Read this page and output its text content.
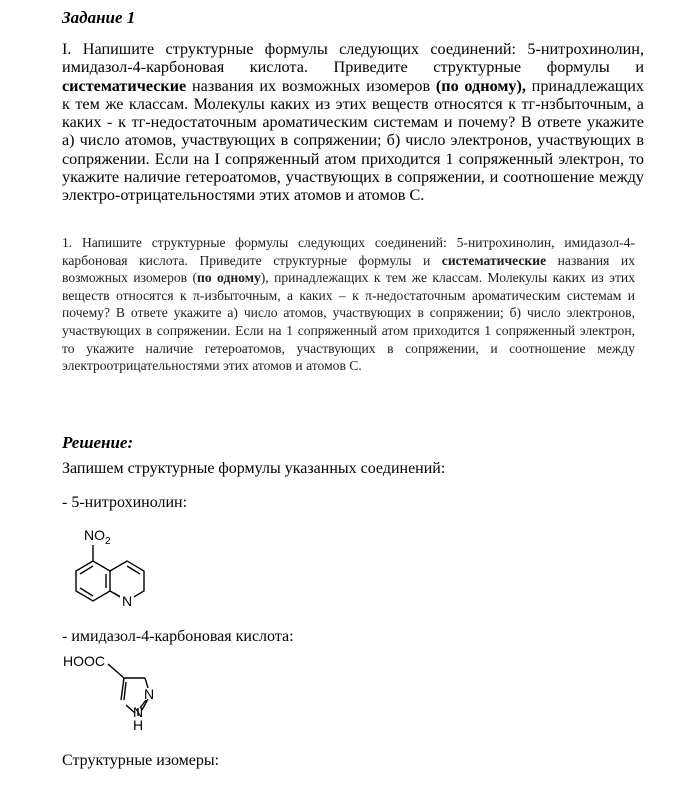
Задание 1
I. Напишите структурные формулы следующих соединений: 5-нитрохинолин, имидазол-4-карбоновая кислота. Приведите структурные формулы и систематические названия их возможных изомеров (по одному), принадлежащих к тем же классам. Молекулы каких из этих веществ относятся к тг-нзбыточным, а каких - к тг-недостаточным ароматическим системам и почему? В ответе укажите а) число атомов, участвующих в сопряжении; б) число электронов, участвующих в сопряжении. Если на I сопряженный атом приходится 1 сопряженный электрон, то укажите наличие гетероатомов, участвующих в сопряжении, и соотношение между электро-отрицательностями этих атомов и атомов С.
1. Напишите структурные формулы следующих соединений: 5-нитрохинолин, имидазол-4-карбоновая кислота. Приведите структурные формулы и систематические названия их возможных изомеров (по одному), принадлежащих к тем же классам. Молекулы каких из этих веществ относятся к π-избыточным, а каких – к π-недостаточным ароматическим системам и почему? В ответе укажите а) число атомов, участвующих в сопряжении; б) число электронов, участвующих в сопряжении. Если на 1 сопряженный атом приходится 1 сопряженный электрон, то укажите наличие гетероатомов, участвующих в сопряжении, и соотношение между электроотрицательностями этих атомов и атомов С.
Решение:
Запишем структурные формулы указанных соединений:
- 5-нитрохинолин:
$NO_2$
N
- имидазол-4-карбоновая кислота:
HOOC
N
N
H
Структурные изомеры:
